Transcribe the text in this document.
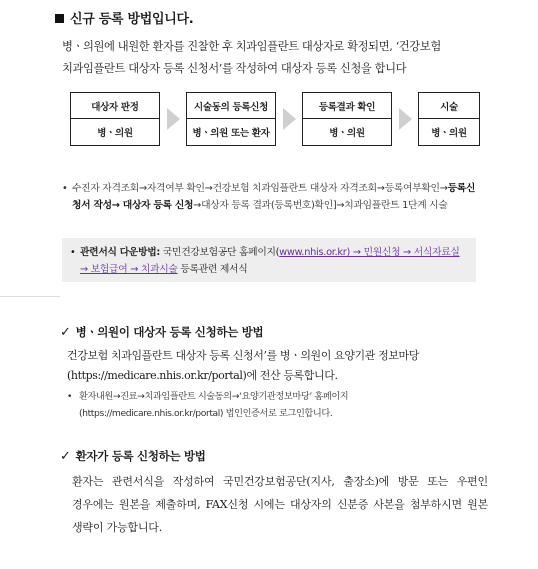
신규 등록 방법입니다.
병ㆍ의원에 내원한 환자를 진찰한 후 치과임플란트 대상자로 확정되면, ‘건강보험 치과임플란트 대상자 등록 신청서’를 작성하여 대상자 등록 신청을 합니다
대상자 판정
병ㆍ의원
시술동의 등록신청
병ㆍ의원 또는 환자
등록결과 확인
병ㆍ의원
시술
병ㆍ의원
• 수진자 자격조회→자격여부 확인→건강보험 치과임플란트 대상자 자격조회→등록여부확인→등록신청서 작성→ 대상자 등록 신청→대상자 등록 결과(등록번호)확인]→치과임플란트 1단계 시술
• 관련서식 다운방법: 국민건강보험공단 홈페이지(www.nhis.or.kr) → 민원신청 → 서식자료실 → 보험급여 → 치과시술 등록관련 제서식
✓ 병ㆍ의원이 대상자 등록 신청하는 방법
건강보험 치과임플란트 대상자 등록 신청서’를 병ㆍ의원이 요양기관 정보마당(https://medicare.nhis.or.kr/portal)에 전산 등록합니다.
• 환자내원→진료→치과임플란트 시술동의→‘요양기관정보마당’ 홈페이지(https://medicare.nhis.or.kr/portal) 법인인증서로 로그인합니다.
✓ 환자가 등록 신청하는 방법
환자는 관련서식을 작성하여 국민건강보험공단(지사, 출장소)에 방문 또는 우편인 경우에는 원본을 제출하며, FAX신청 시에는 대상자의 신분증 사본을 첨부하시면 원본 생략이 가능합니다.
